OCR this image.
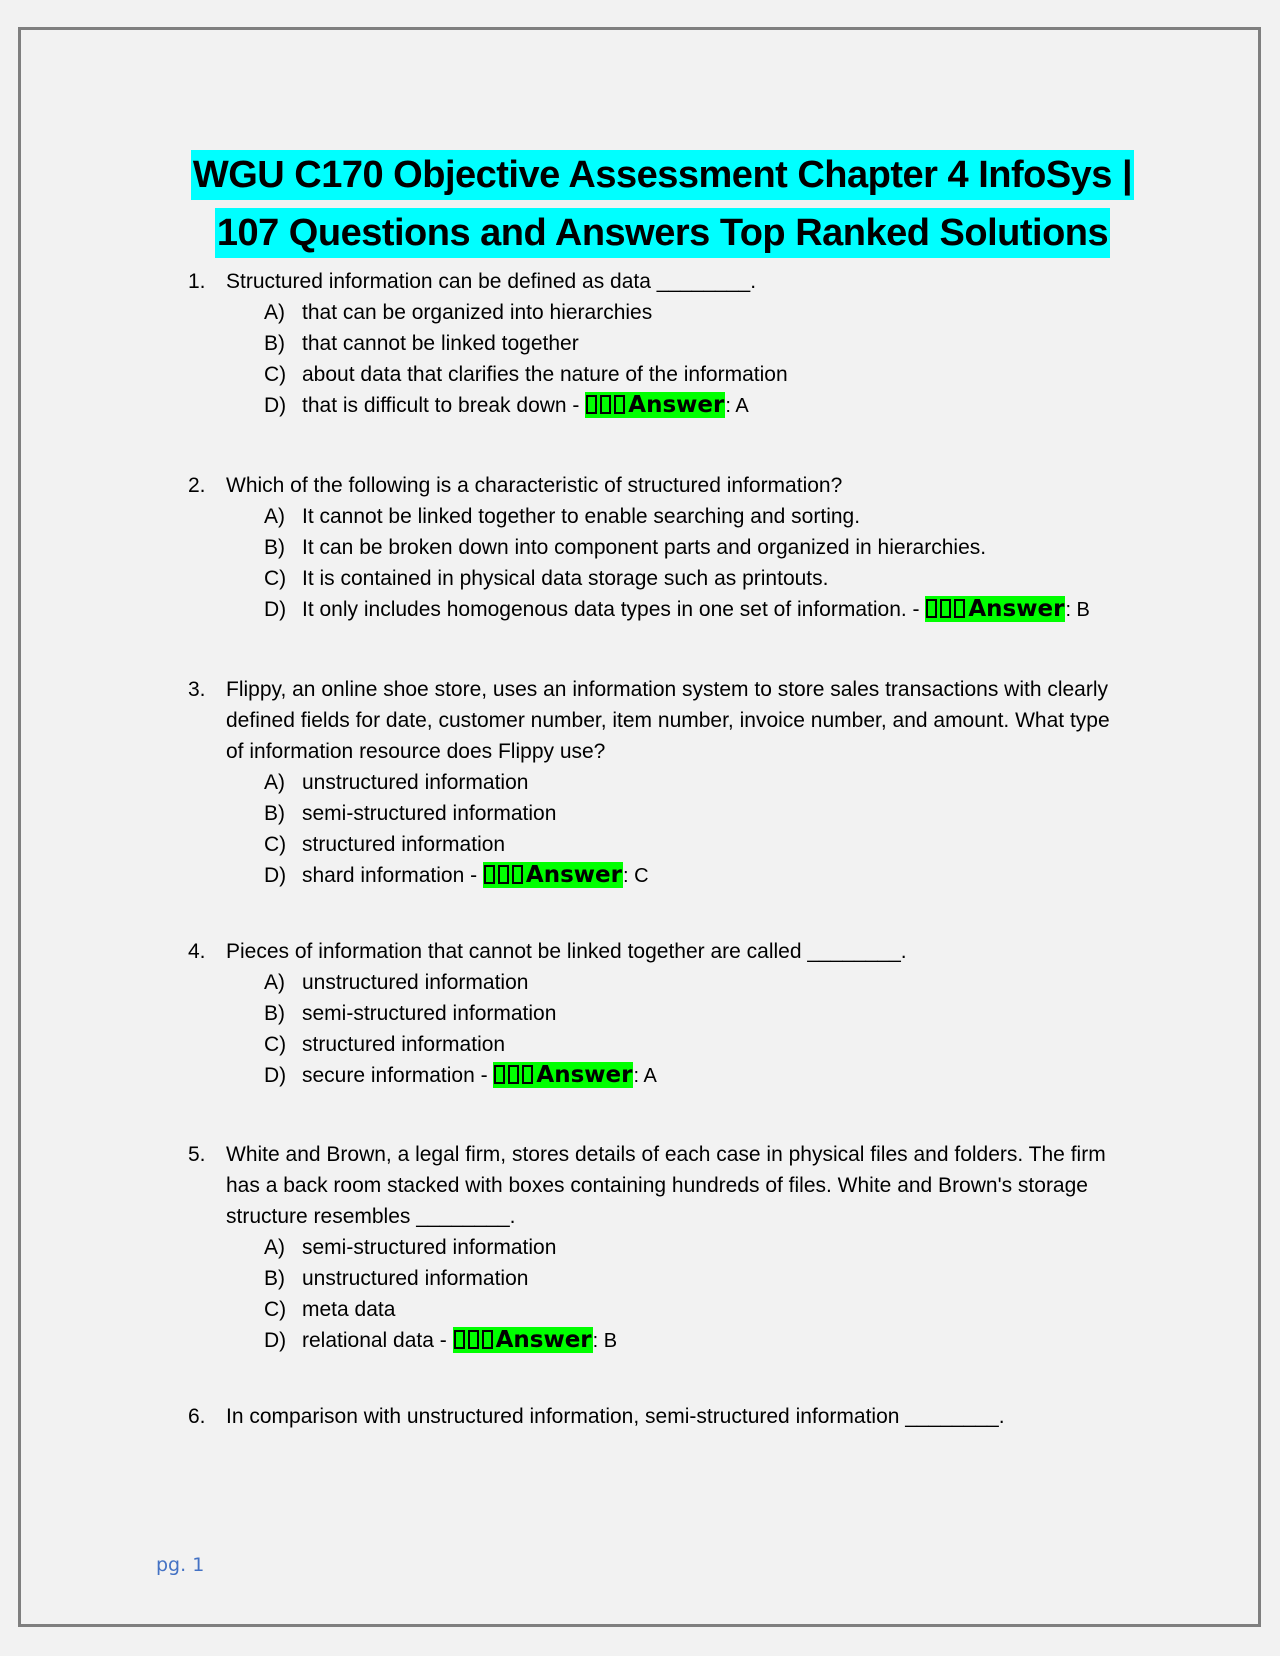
WGU C170 Objective Assessment Chapter 4 InfoSys |
107 Questions and Answers Top Ranked Solutions
1. Structured information can be defined as data ________.
A) that can be organized into hierarchies
B) that cannot be linked together
C) about data that clarifies the nature of the information
D) that is difficult to break down - Answer: A
2. Which of the following is a characteristic of structured information?
A) It cannot be linked together to enable searching and sorting.
B) It can be broken down into component parts and organized in hierarchies.
C) It is contained in physical data storage such as printouts.
D) It only includes homogenous data types in one set of information. - Answer: B
3. Flippy, an online shoe store, uses an information system to store sales transactions with clearly defined fields for date, customer number, item number, invoice number, and amount. What type of information resource does Flippy use?
A) unstructured information
B) semi-structured information
C) structured information
D) shard information - Answer: C
4. Pieces of information that cannot be linked together are called ________.
A) unstructured information
B) semi-structured information
C) structured information
D) secure information - Answer: A
5. White and Brown, a legal firm, stores details of each case in physical files and folders. The firm has a back room stacked with boxes containing hundreds of files. White and Brown's storage structure resembles ________.
A) semi-structured information
B) unstructured information
C) meta data
D) relational data - Answer: B
6. In comparison with unstructured information, semi-structured information ________.
pg. 1
